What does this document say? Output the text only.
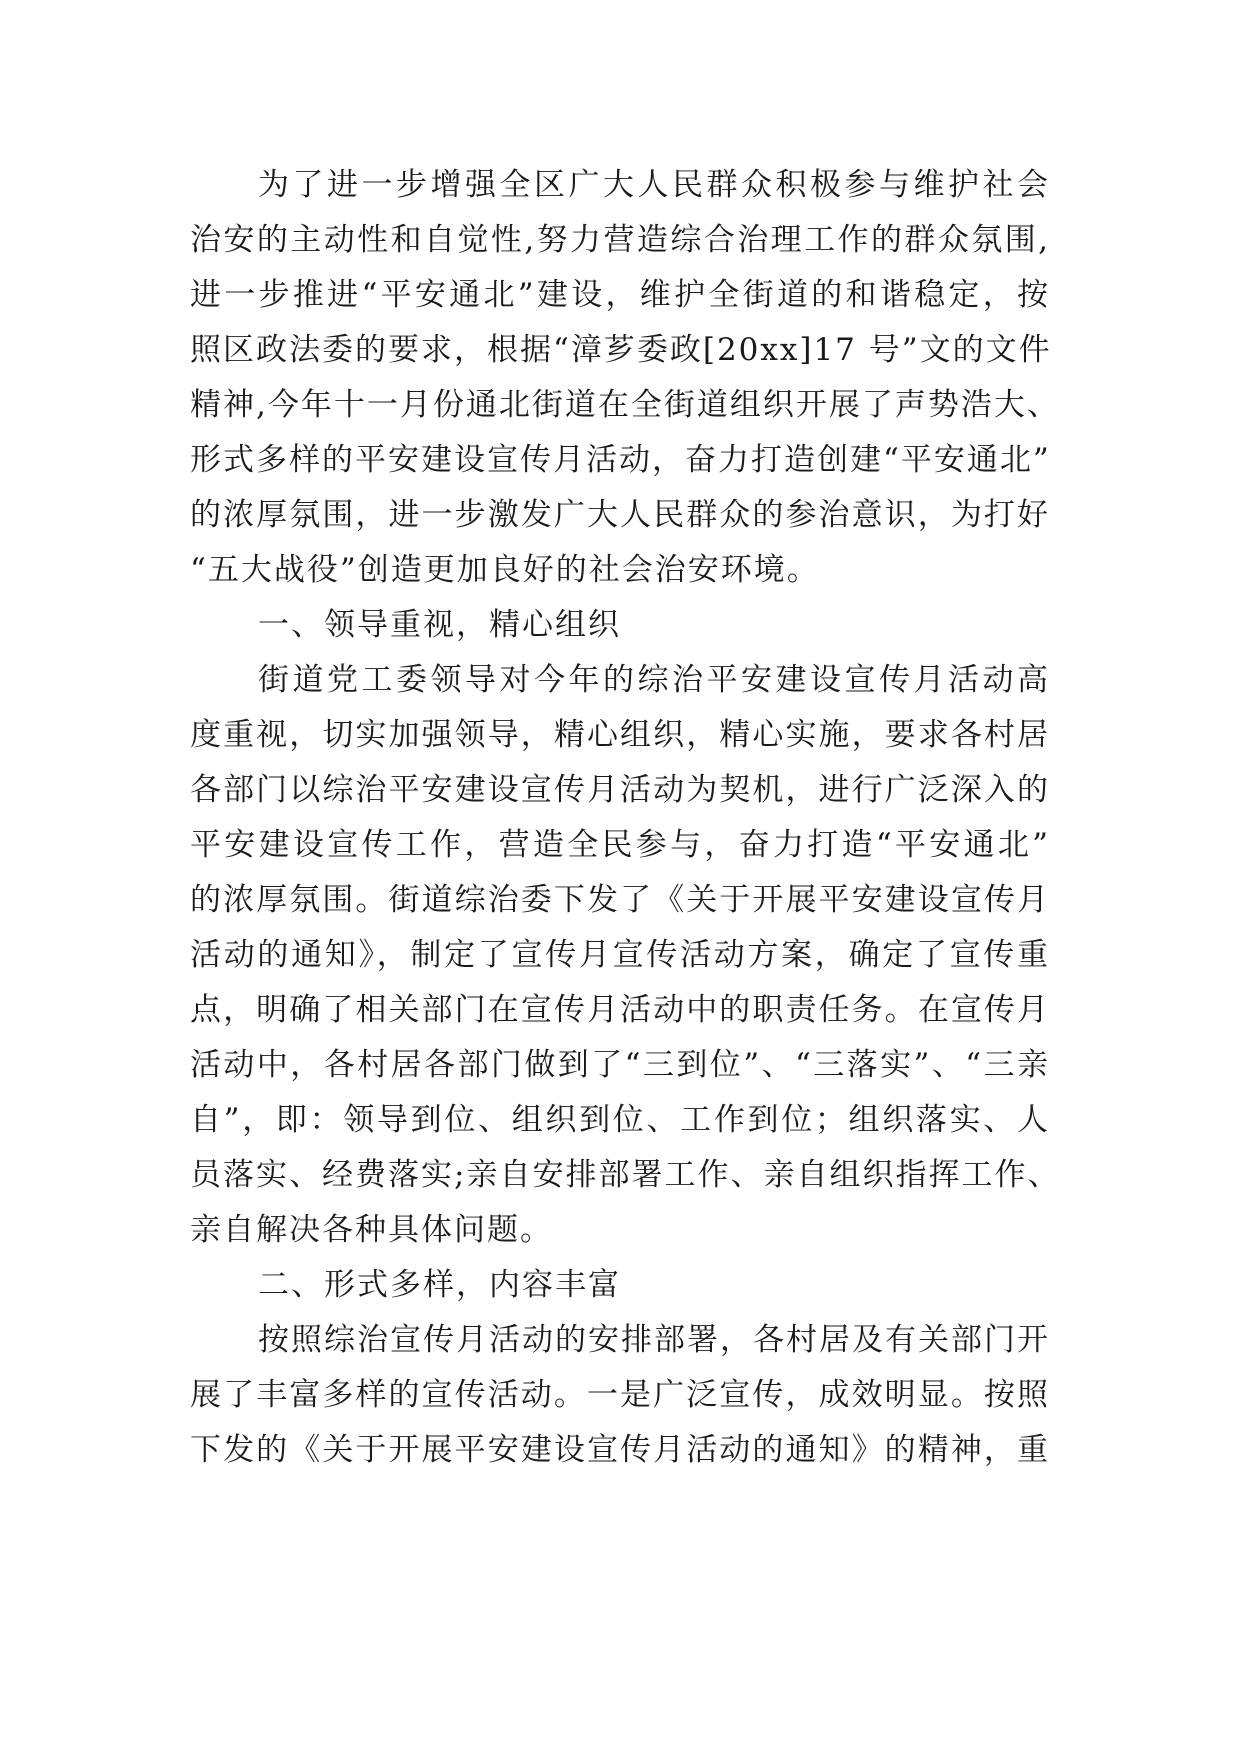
为了进一步增强全区广大人民群众积极参与维护社会
治安的主动性和自觉性,努力营造综合治理工作的群众氛围,
进一步推进“平安通北”建设，维护全街道的和谐稳定，按
照区政法委的要求，根据“漳芗委政[20xx]17 号”文的文件
精神,今年十一月份通北街道在全街道组织开展了声势浩大、
形式多样的平安建设宣传月活动，奋力打造创建“平安通北”
的浓厚氛围，进一步激发广大人民群众的参治意识，为打好
“五大战役”创造更加良好的社会治安环境。
一、领导重视，精心组织
街道党工委领导对今年的综治平安建设宣传月活动高
度重视，切实加强领导，精心组织，精心实施，要求各村居
各部门以综治平安建设宣传月活动为契机，进行广泛深入的
平安建设宣传工作，营造全民参与，奋力打造“平安通北”
的浓厚氛围。街道综治委下发了《关于开展平安建设宣传月
活动的通知》，制定了宣传月宣传活动方案，确定了宣传重
点，明确了相关部门在宣传月活动中的职责任务。在宣传月
活动中，各村居各部门做到了“三到位”、“三落实”、“三亲
自”，即：领导到位、组织到位、工作到位；组织落实、人
员落实、经费落实;亲自安排部署工作、亲自组织指挥工作、
亲自解决各种具体问题。
二、形式多样，内容丰富
按照综治宣传月活动的安排部署，各村居及有关部门开
展了丰富多样的宣传活动。一是广泛宣传，成效明显。按照
下发的《关于开展平安建设宣传月活动的通知》的精神，重
